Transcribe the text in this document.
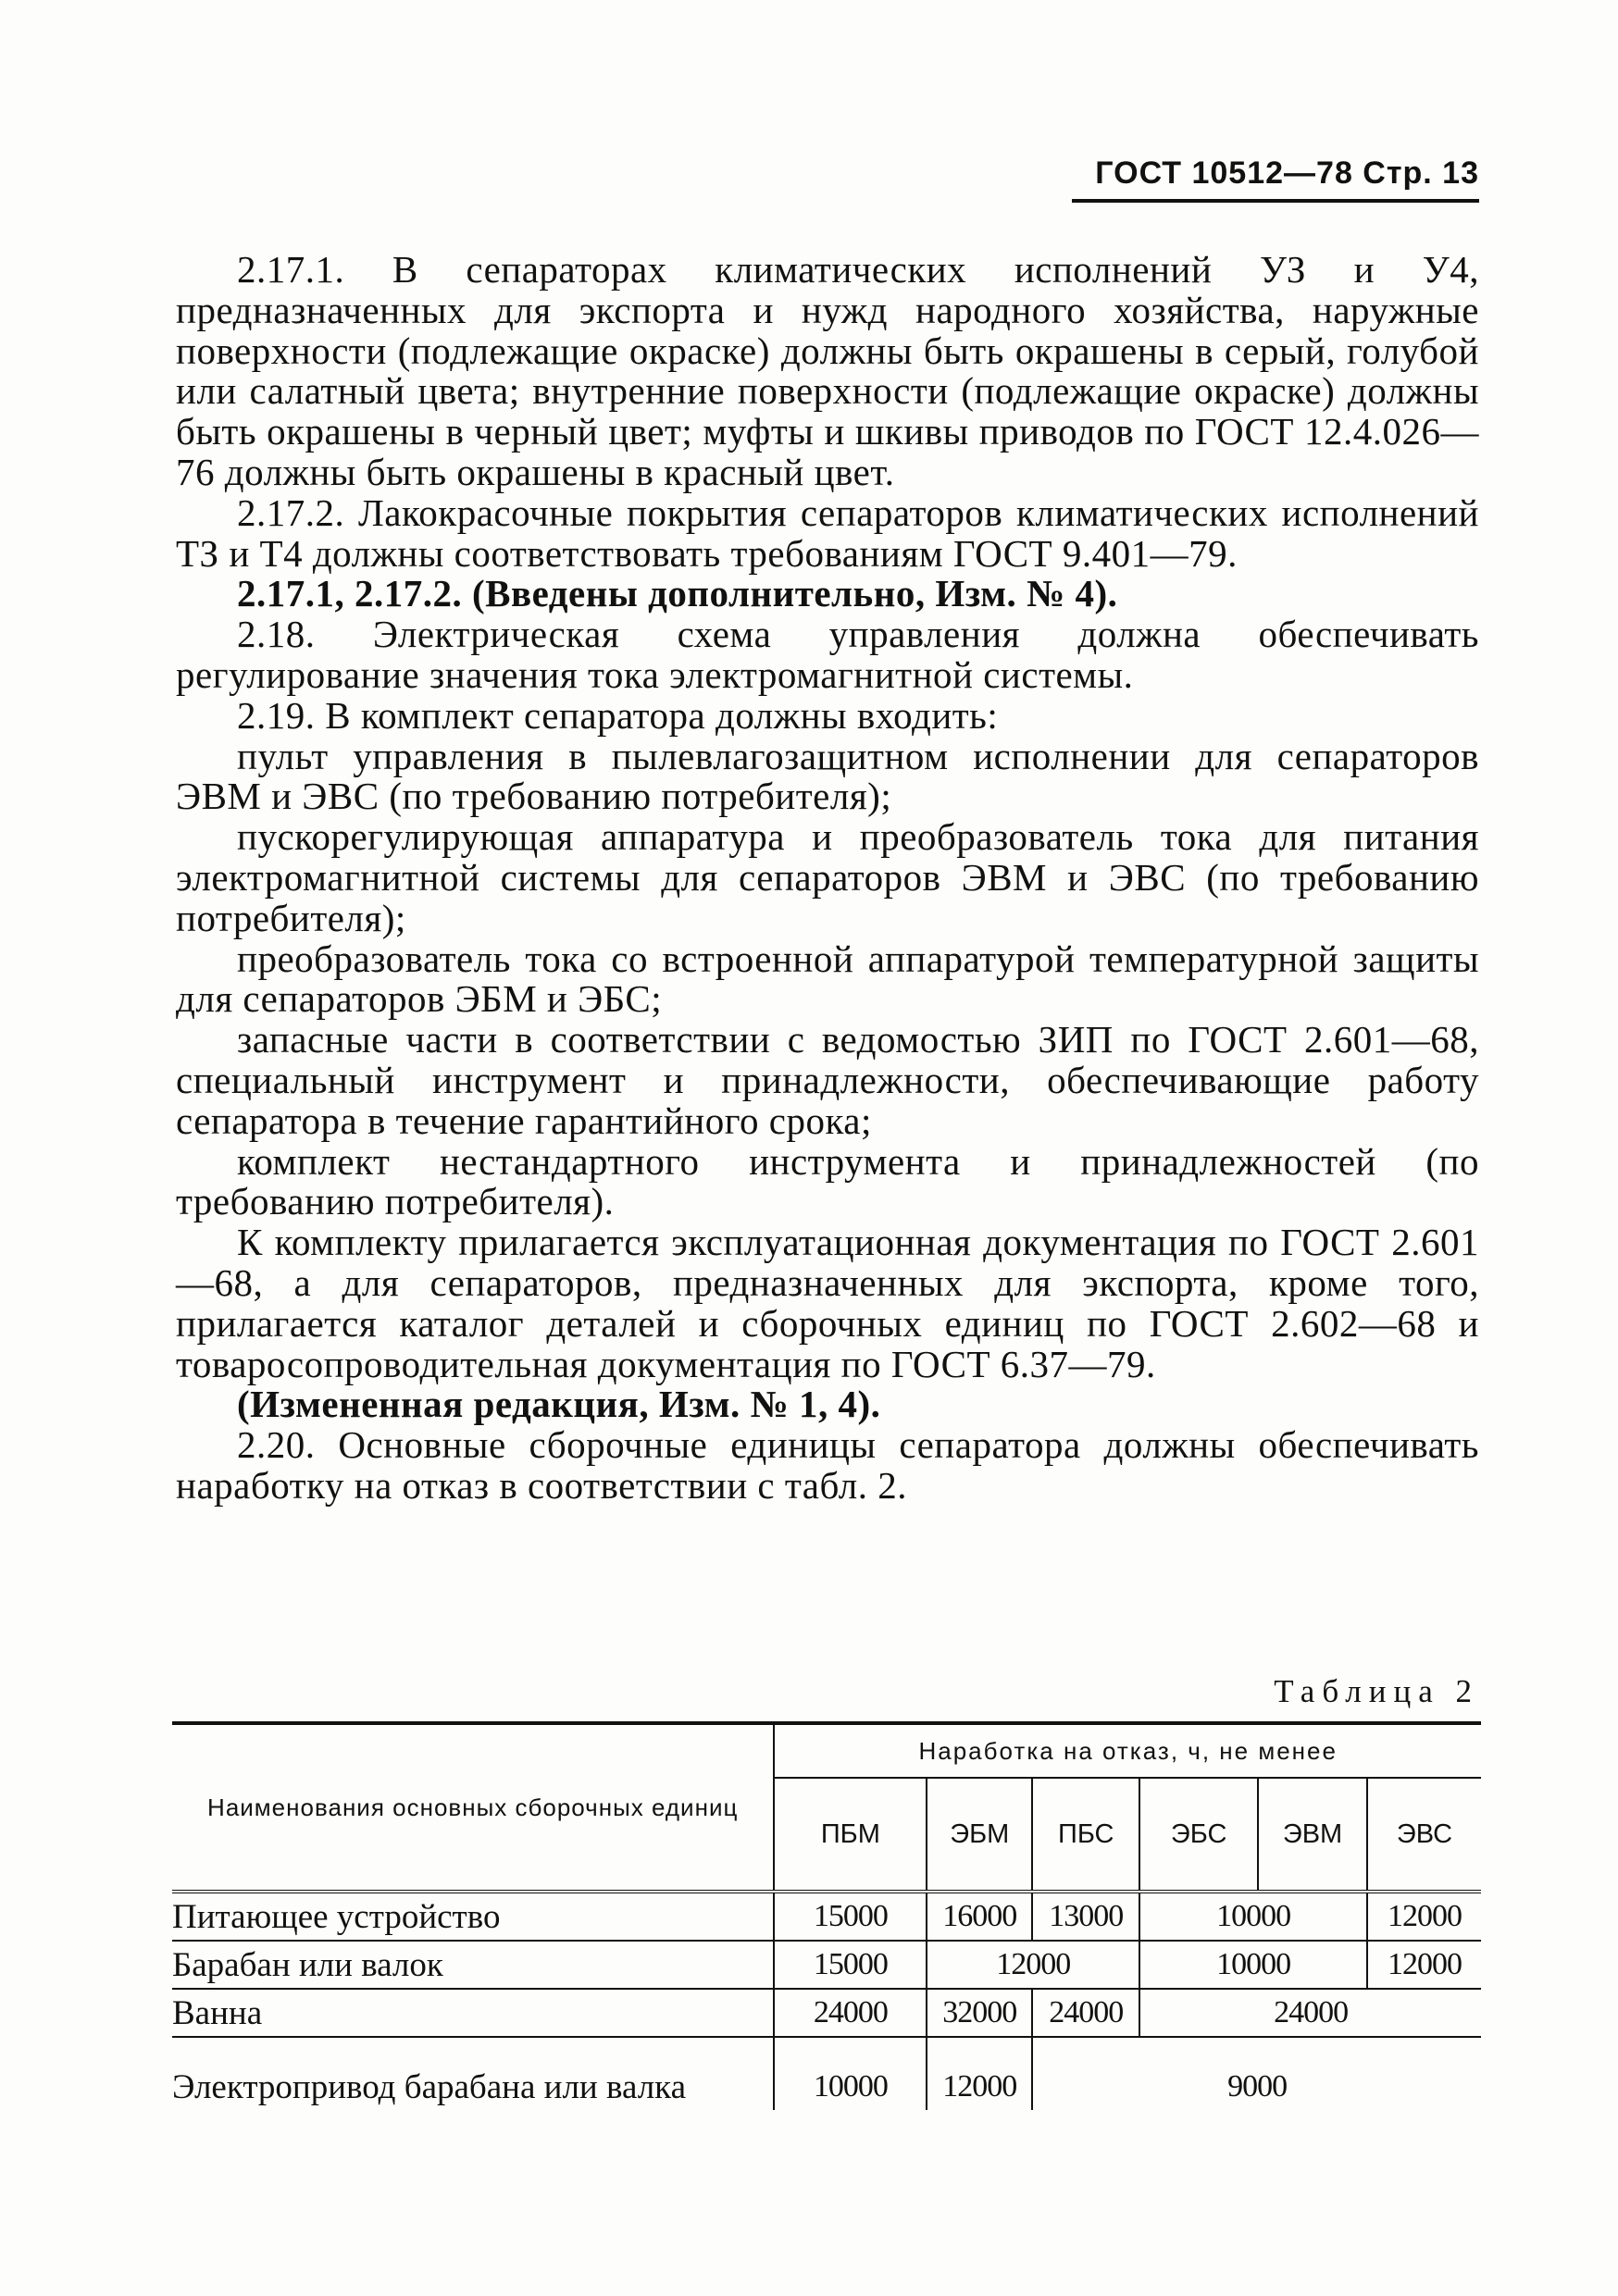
ГОСТ 10512—78 Стр. 13

2.17.1. В сепараторах климатических исполнений УЗ и У4, предназначенных для экспорта и нужд народного хозяйства, наружные поверхности (подлежащие окраске) должны быть окрашены в серый, голубой или салатный цвета; внутренние поверхности (подлежащие окраске) должны быть окрашены в черный цвет; муфты и шкивы приводов по ГОСТ 12.4.026—76 должны быть окрашены в красный цвет.

2.17.2. Лакокрасочные покрытия сепараторов климатических исполнений ТЗ и Т4 должны соответствовать требованиям ГОСТ 9.401—79.

2.17.1, 2.17.2. (Введены дополнительно, Изм. № 4).

2.18. Электрическая схема управления должна обеспечивать регулирование значения тока электромагнитной системы.

2.19. В комплект сепаратора должны входить:

пульт управления в пылевлагозащитном исполнении для сепараторов ЭВМ и ЭВС (по требованию потребителя);

пускорегулирующая аппаратура и преобразователь тока для питания электромагнитной системы для сепараторов ЭВМ и ЭВС (по требованию потребителя);

преобразователь тока со встроенной аппаратурой температурной защиты для сепараторов ЭБМ и ЭБС;

запасные части в соответствии с ведомостью ЗИП по ГОСТ 2.601—68, специальный инструмент и принадлежности, обеспечивающие работу сепаратора в течение гарантийного срока;

комплект нестандартного инструмента и принадлежностей (по требованию потребителя).

К комплекту прилагается эксплуатационная документация по ГОСТ 2.601—68, а для сепараторов, предназначенных для экспорта, кроме того, прилагается каталог деталей и сборочных единиц по ГОСТ 2.602—68 и товаросопроводительная документация по ГОСТ 6.37—79.

(Измененная редакция, Изм. № 1, 4).

2.20. Основные сборочные единицы сепаратора должны обеспечивать наработку на отказ в соответствии с табл. 2.

Таблица 2
Наименования основных сборочных единиц	Наработка на отказ, ч, не менее					
	ПБМ	ЭБМ	ПБС	ЭБС	ЭВМ	ЭВС

Питающее устройство	15000	16000	13000	10000		12000
Барабан или валок	15000	12000		10000		12000
Ванна	24000	32000	24000	24000		
Электропривод барабана или валка	10000	12000	9000			
